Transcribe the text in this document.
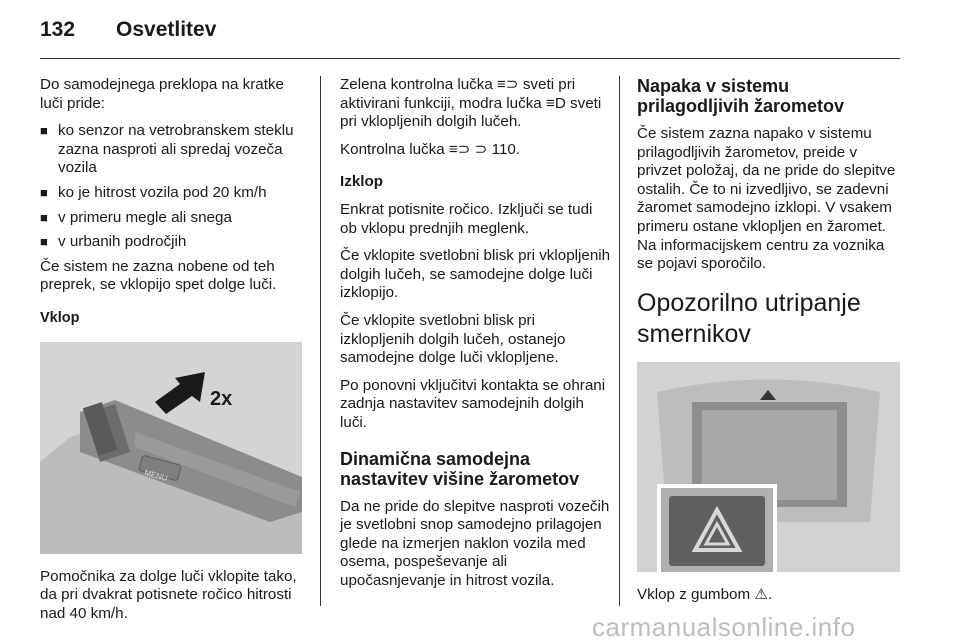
132 Osvetlitev

Do samodejnega preklopa na kratke luči pride:

■ ko senzor na vetrobranskem steklu zazna nasproti ali spredaj vozeča vozila
■ ko je hitrost vozila pod 20 km/h
■ v primeru megle ali snega
■ v urbanih področjih

Če sistem ne zazna nobene od teh preprek, se vklopijo spet dolge luči.

Vklop

2x
MENU

Pomočnika za dolge luči vklopite tako, da pri dvakrat potisnete ročico hitrosti nad 40 km/h.

Zelena kontrolna lučka ≡⊃ sveti pri aktivirani funkciji, modra lučka ≡D sveti pri vklopljenih dolgih lučeh.

Kontrolna lučka ≡⊃ ⊃ 110.

Izklop

Enkrat potisnite ročico. Izključi se tudi ob vklopu prednjih meglenk.

Če vklopite svetlobni blisk pri vklopljenih dolgih lučeh, se samodejne dolge luči izklopijo.

Če vklopite svetlobni blisk pri izklopljenih dolgih lučeh, ostanejo samodejne dolge luči vklopljene.

Po ponovni vključitvi kontakta se ohrani zadnja nastavitev samodejnih dolgih luči.

Dinamična samodejna nastavitev višine žarometov

Da ne pride do slepitve nasproti vozečih je svetlobni snop samodejno prilagojen glede na izmerjen naklon vozila med osema, pospeševanje ali upočasnjevanje in hitrost vozila.

Napaka v sistemu prilagodljivih žarometov

Če sistem zazna napako v sistemu prilagodljivih žarometov, preide v privzet položaj, da ne pride do slepitve ostalih. Če to ni izvedljivo, se zadevni žaromet samodejno izklopi. V vsakem primeru ostane vklopljen en žaromet. Na informacijskem centru za voznika se pojavi sporočilo.

Opozorilno utripanje smernikov

Vklop z gumbom ⚠.

carmanualsonline.info
